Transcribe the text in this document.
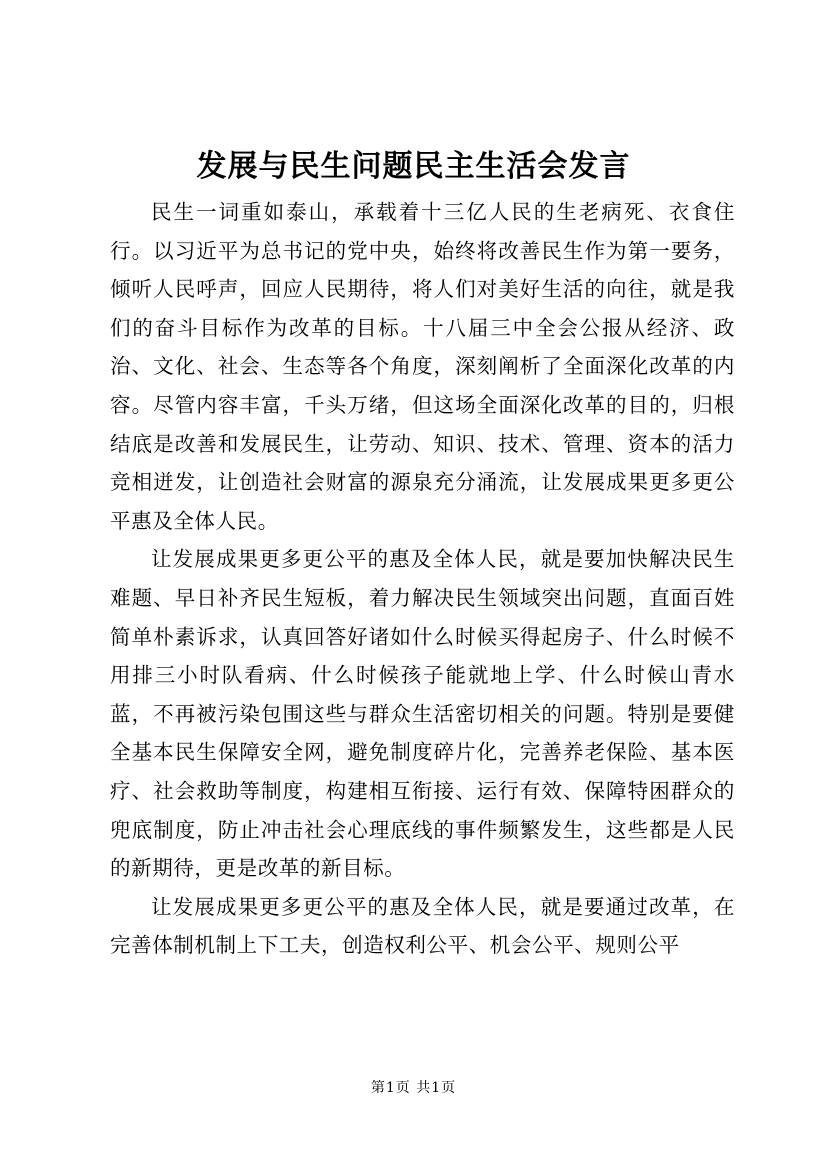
发展与民生问题民主生活会发言

民生一词重如泰山，承载着十三亿人民的生老病死、衣食住行。以习近平为总书记的党中央，始终将改善民生作为第一要务，倾听人民呼声，回应人民期待，将人们对美好生活的向往，就是我们的奋斗目标作为改革的目标。十八届三中全会公报从经济、政治、文化、社会、生态等各个角度，深刻阐析了全面深化改革的内容。尽管内容丰富，千头万绪，但这场全面深化改革的目的，归根结底是改善和发展民生，让劳动、知识、技术、管理、资本的活力竞相迸发，让创造社会财富的源泉充分涌流，让发展成果更多更公平惠及全体人民。

让发展成果更多更公平的惠及全体人民，就是要加快解决民生难题、早日补齐民生短板，着力解决民生领域突出问题，直面百姓简单朴素诉求，认真回答好诸如什么时候买得起房子、什么时候不用排三小时队看病、什么时候孩子能就地上学、什么时候山青水蓝，不再被污染包围这些与群众生活密切相关的问题。特别是要健全基本民生保障安全网，避免制度碎片化，完善养老保险、基本医疗、社会救助等制度，构建相互衔接、运行有效、保障特困群众的兜底制度，防止冲击社会心理底线的事件频繁发生，这些都是人民的新期待，更是改革的新目标。

让发展成果更多更公平的惠及全体人民，就是要通过改革，在完善体制机制上下工夫，创造权利公平、机会公平、规则公平

第1页 共1页
